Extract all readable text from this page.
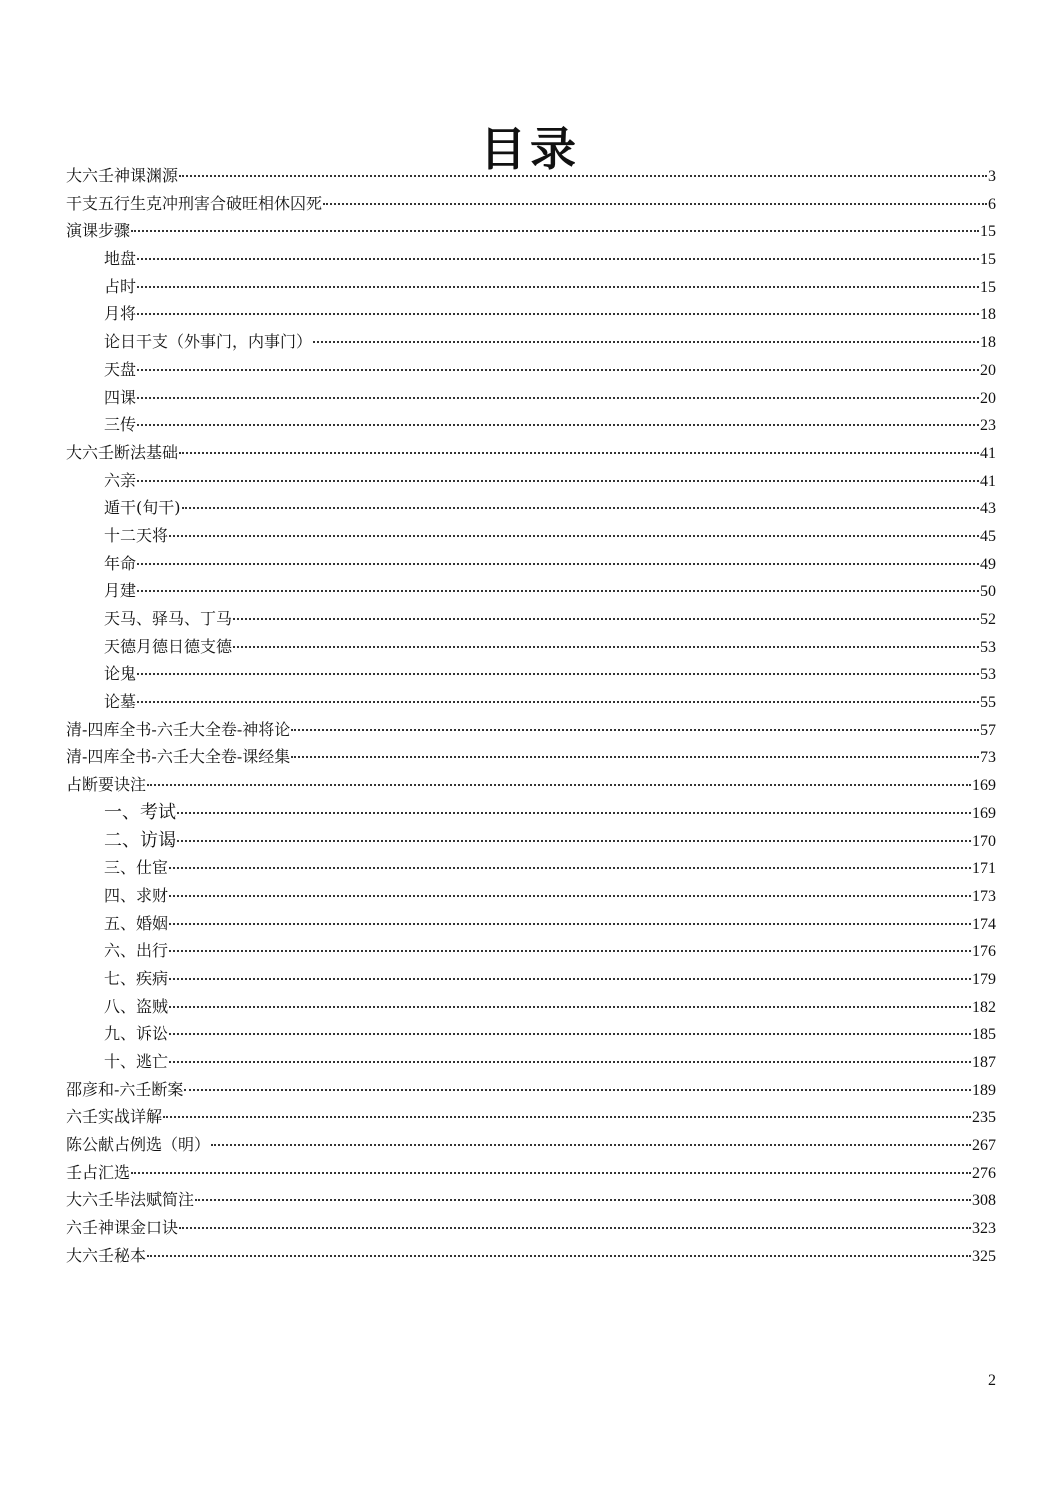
目录
大六壬神课渊源	3
干支五行生克冲刑害合破旺相休囚死	6
演课步骤	15
地盘	15
占时	15
月将	18
论日干支（外事门，内事门）	18
天盘	20
四课	20
三传	23
大六壬断法基础	41
六亲	41
遁干(旬干)	43
十二天将	45
年命	49
月建	50
天马、驿马、丁马	52
天德月德日德支德	53
论鬼	53
论墓	55
清-四库全书-六壬大全卷-神将论	57
清-四库全书-六壬大全卷-课经集	73
占断要诀注	169
一、考试	169
二、访谒	170
三、仕宦	171
四、求财	173
五、婚姻	174
六、出行	176
七、疾病	179
八、盗贼	182
九、诉讼	185
十、逃亡	187
邵彦和-六壬断案	189
六壬实战详解	235
陈公献占例选（明）	267
壬占汇选	276
大六壬毕法赋简注	308
六壬神课金口诀	323
大六壬秘本	325
2
